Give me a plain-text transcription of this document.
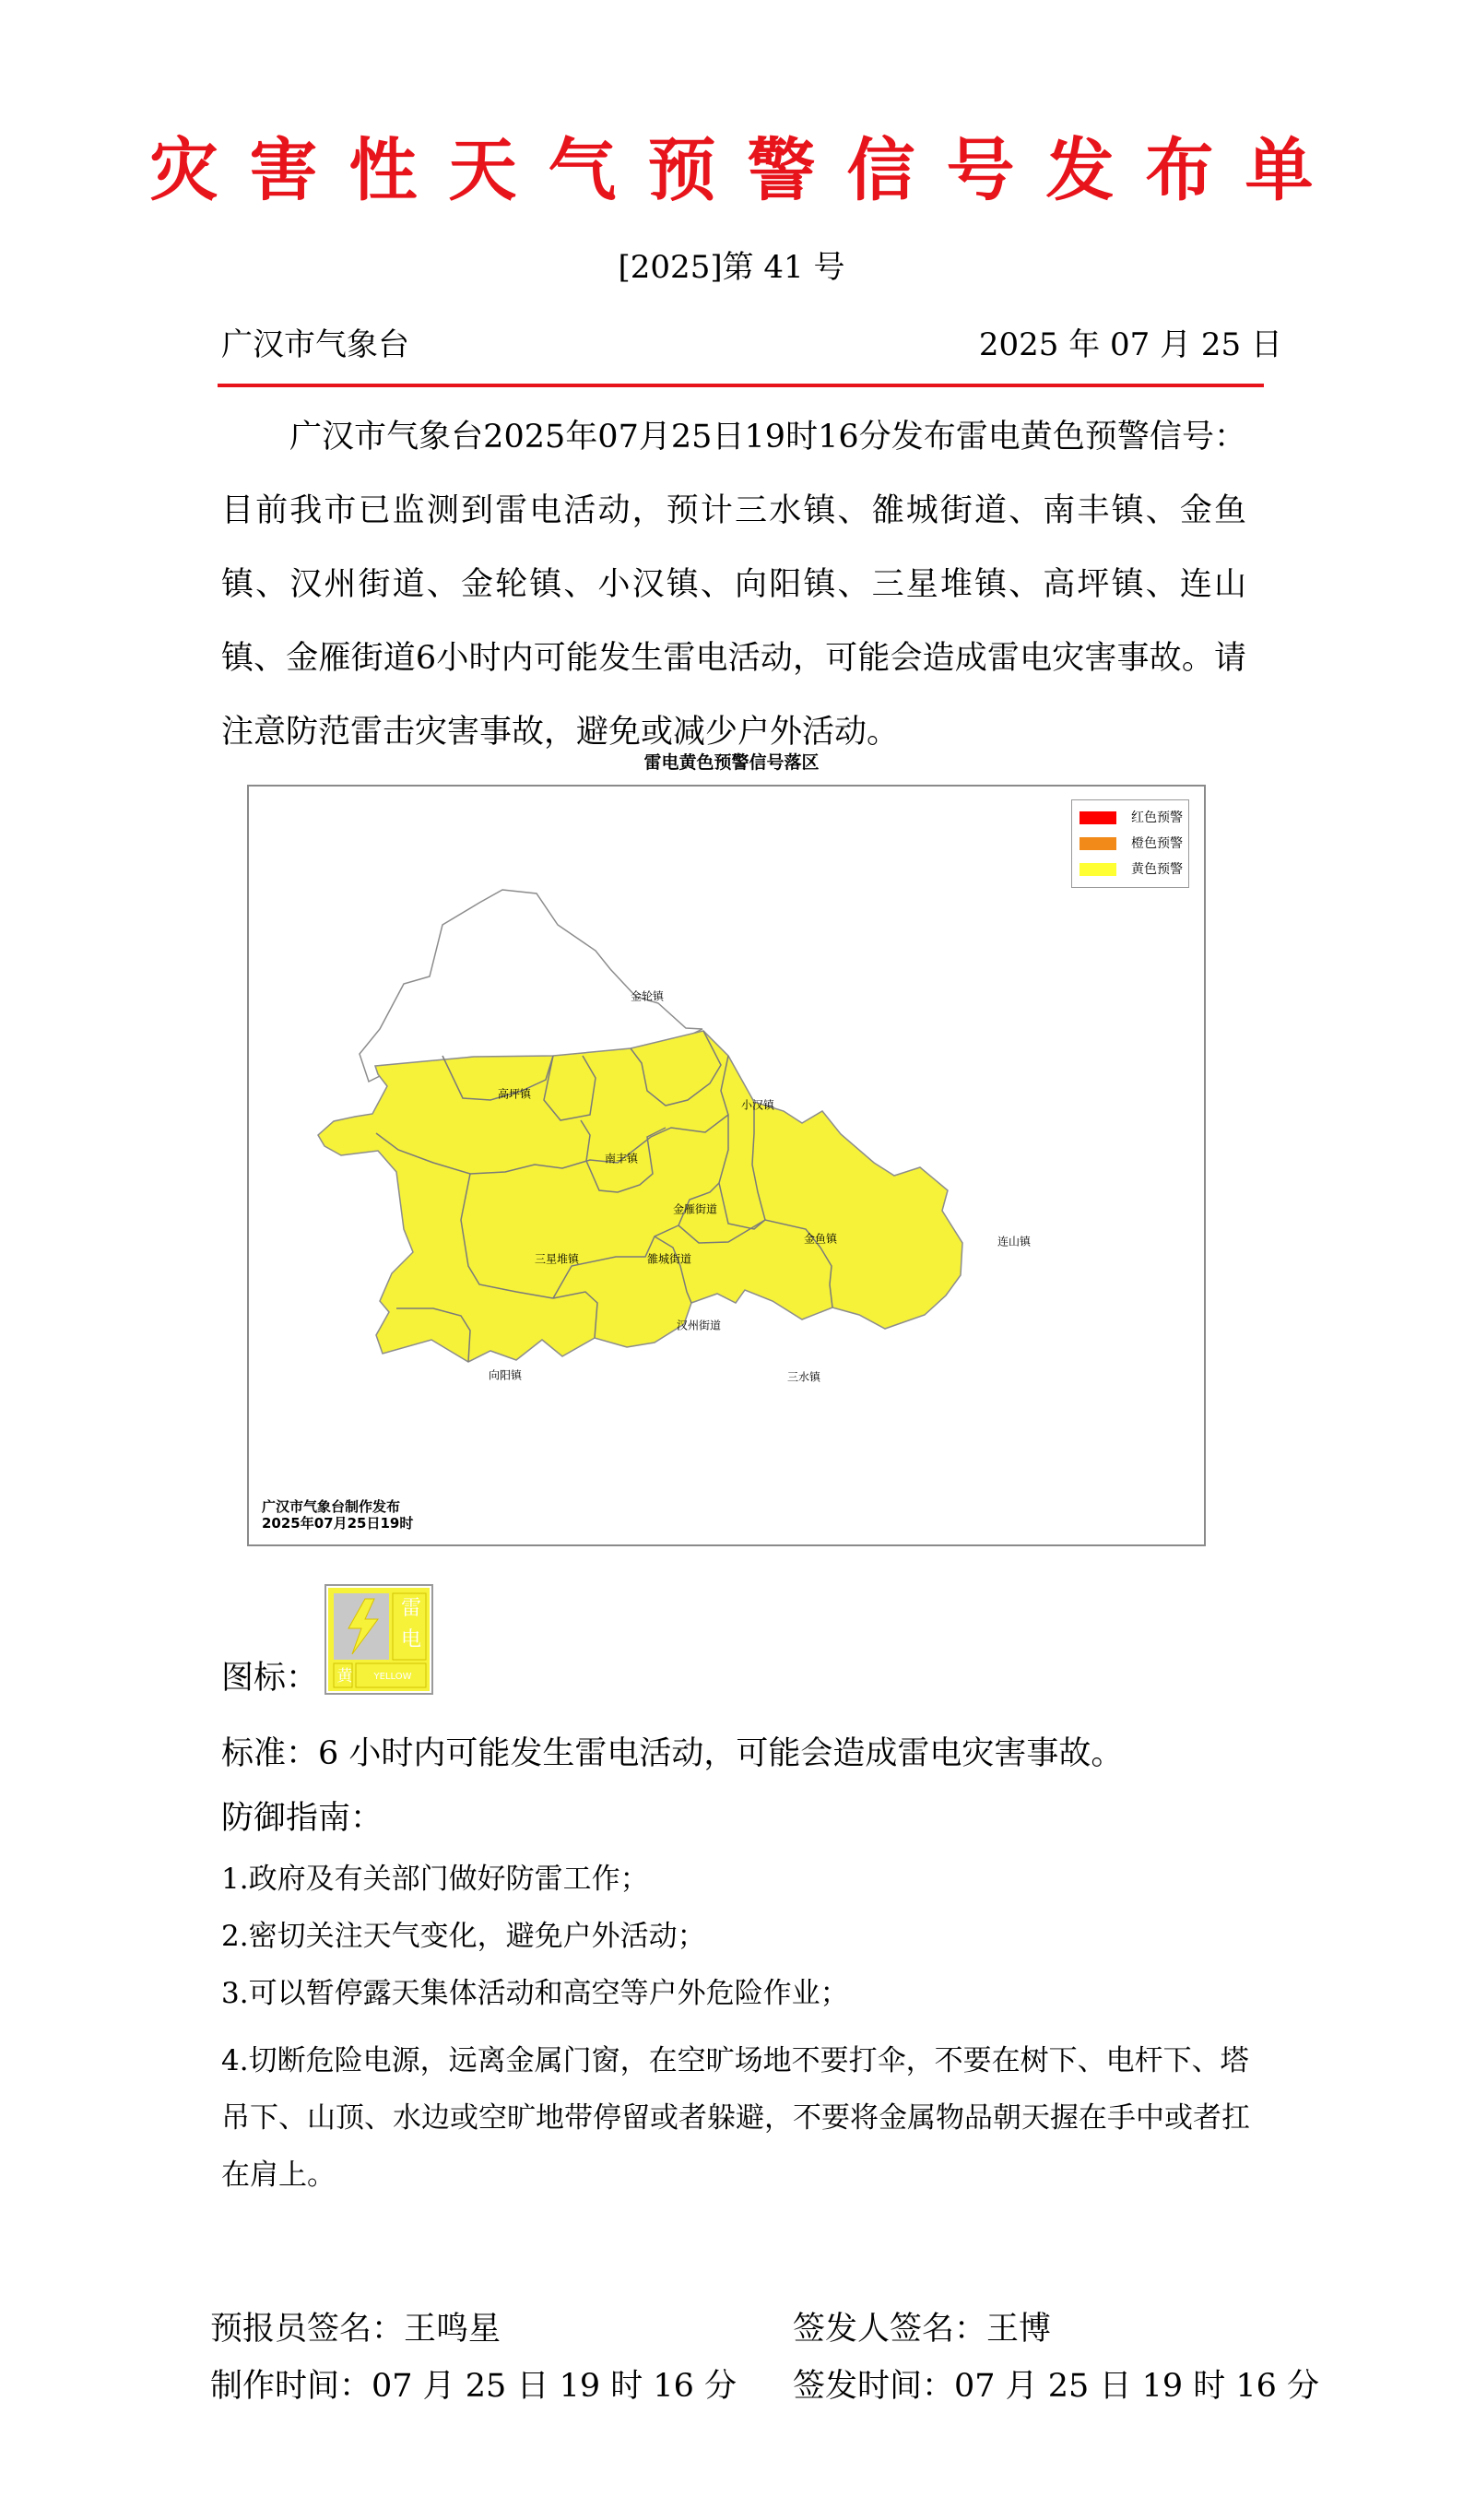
灾害性天气预警信号发布单
[2025]第 41 号
广汉市气象台	2025 年 07 月 25 日
广汉市气象台2025年07月25日19时16分发布雷电黄色预警信号：目前我市已监测到雷电活动，预计三水镇、雒城街道、南丰镇、金鱼镇、汉州街道、金轮镇、小汉镇、向阳镇、三星堆镇、高坪镇、连山镇、金雁街道6小时内可能发生雷电活动，可能会造成雷电灾害事故。请注意防范雷击灾害事故，避免或减少户外活动。
雷电黄色预警信号落区
红色预警
橙色预警
黄色预警
金轮镇
高坪镇
小汉镇
南丰镇
金雁街道
金鱼镇	连山镇
三星堆镇	雒城街道
汉州街道
向阳镇	三水镇
广汉市气象台制作发布
2025年07月25日19时
图标：
雷
电
黄	YELLOW
标准：6 小时内可能发生雷电活动，可能会造成雷电灾害事故。
防御指南：
1.政府及有关部门做好防雷工作；
2.密切关注天气变化，避免户外活动；
3.可以暂停露天集体活动和高空等户外危险作业；
4.切断危险电源，远离金属门窗，在空旷场地不要打伞，不要在树下、电杆下、塔吊下、山顶、水边或空旷地带停留或者躲避，不要将金属物品朝天握在手中或者扛在肩上。
预报员签名：王鸣星	签发人签名：王博
制作时间：07 月 25 日 19 时 16 分 签发时间：07 月 25 日 19 时 16 分
